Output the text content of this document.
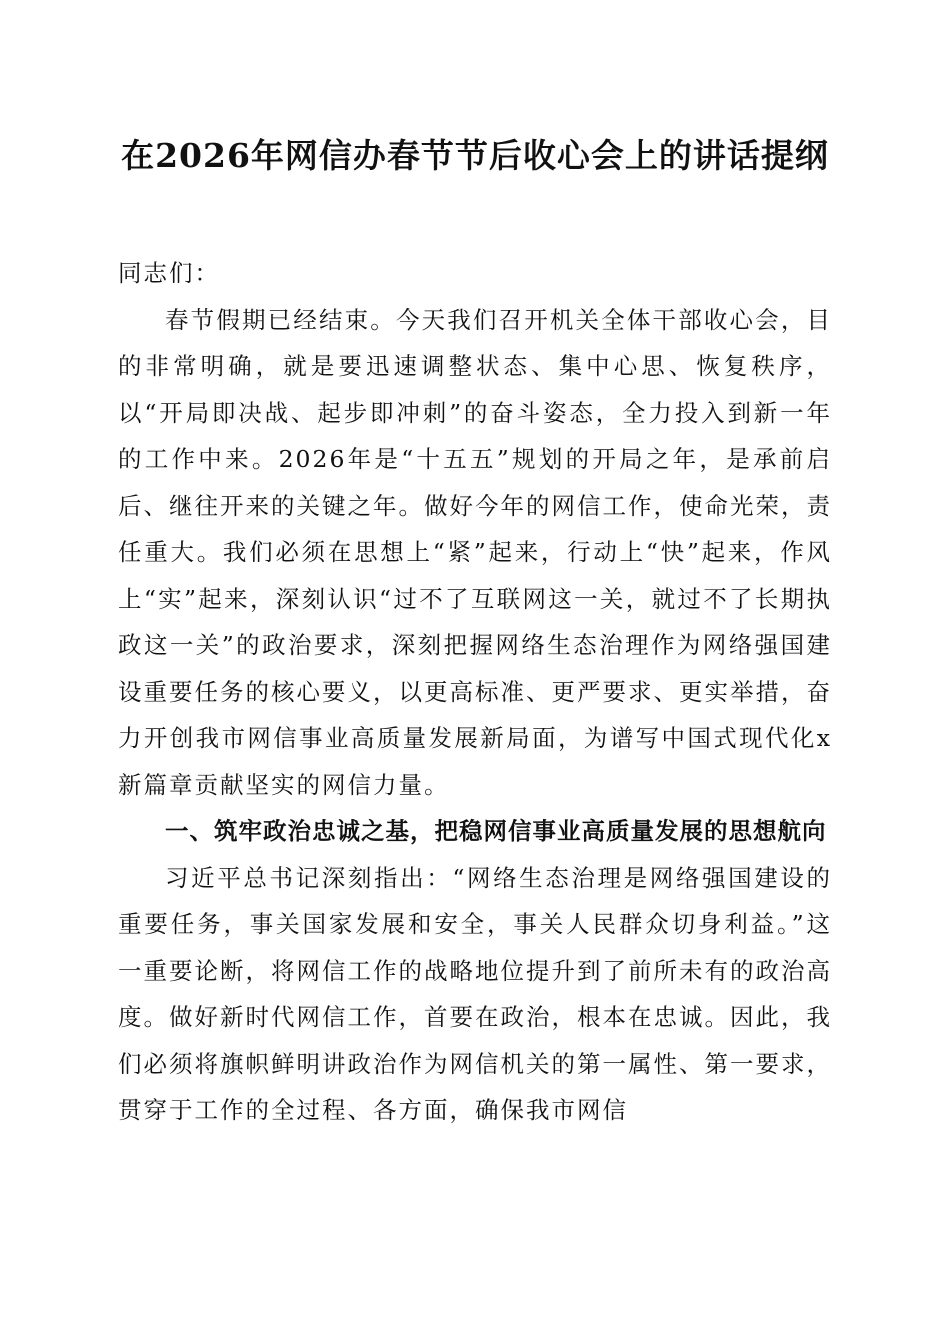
在2026年网信办春节节后收心会上的讲话提纲

同志们：

春节假期已经结束。今天我们召开机关全体干部收心会，目的非常明确，就是要迅速调整状态、集中心思、恢复秩序，以“开局即决战、起步即冲刺”的奋斗姿态，全力投入到新一年的工作中来。2026年是“十五五”规划的开局之年，是承前启后、继往开来的关键之年。做好今年的网信工作，使命光荣，责任重大。我们必须在思想上“紧”起来，行动上“快”起来，作风上“实”起来，深刻认识“过不了互联网这一关，就过不了长期执政这一关”的政治要求，深刻把握网络生态治理作为网络强国建设重要任务的核心要义，以更高标准、更严要求、更实举措，奋力开创我市网信事业高质量发展新局面，为谱写中国式现代化x新篇章贡献坚实的网信力量。

一、筑牢政治忠诚之基，把稳网信事业高质量发展的思想航向

习近平总书记深刻指出：“网络生态治理是网络强国建设的重要任务，事关国家发展和安全，事关人民群众切身利益。”这一重要论断，将网信工作的战略地位提升到了前所未有的政治高度。做好新时代网信工作，首要在政治，根本在忠诚。因此，我们必须将旗帜鲜明讲政治作为网信机关的第一属性、第一要求，贯穿于工作的全过程、各方面，确保我市网信
